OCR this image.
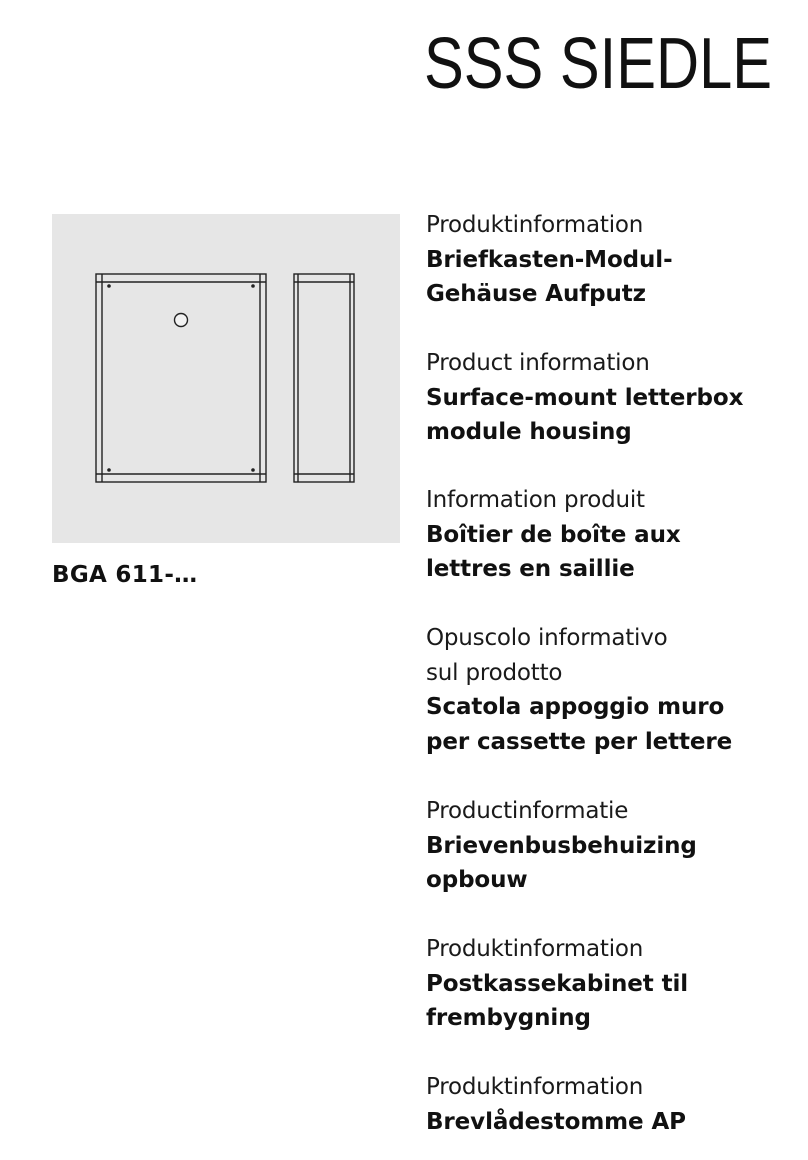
SSS SIEDLE
BGA 611-…
Produktinformation
Briefkasten-Modul-
Gehäuse Aufputz
Product information
Surface-mount letterbox
module housing
Information produit
Boîtier de boîte aux
lettres en saillie
Opuscolo informativo
sul prodotto
Scatola appoggio muro
per cassette per lettere
Productinformatie
Brievenbusbehuizing
opbouw
Produktinformation
Postkassekabinet til
frembygning
Produktinformation
Brevlådestomme AP
